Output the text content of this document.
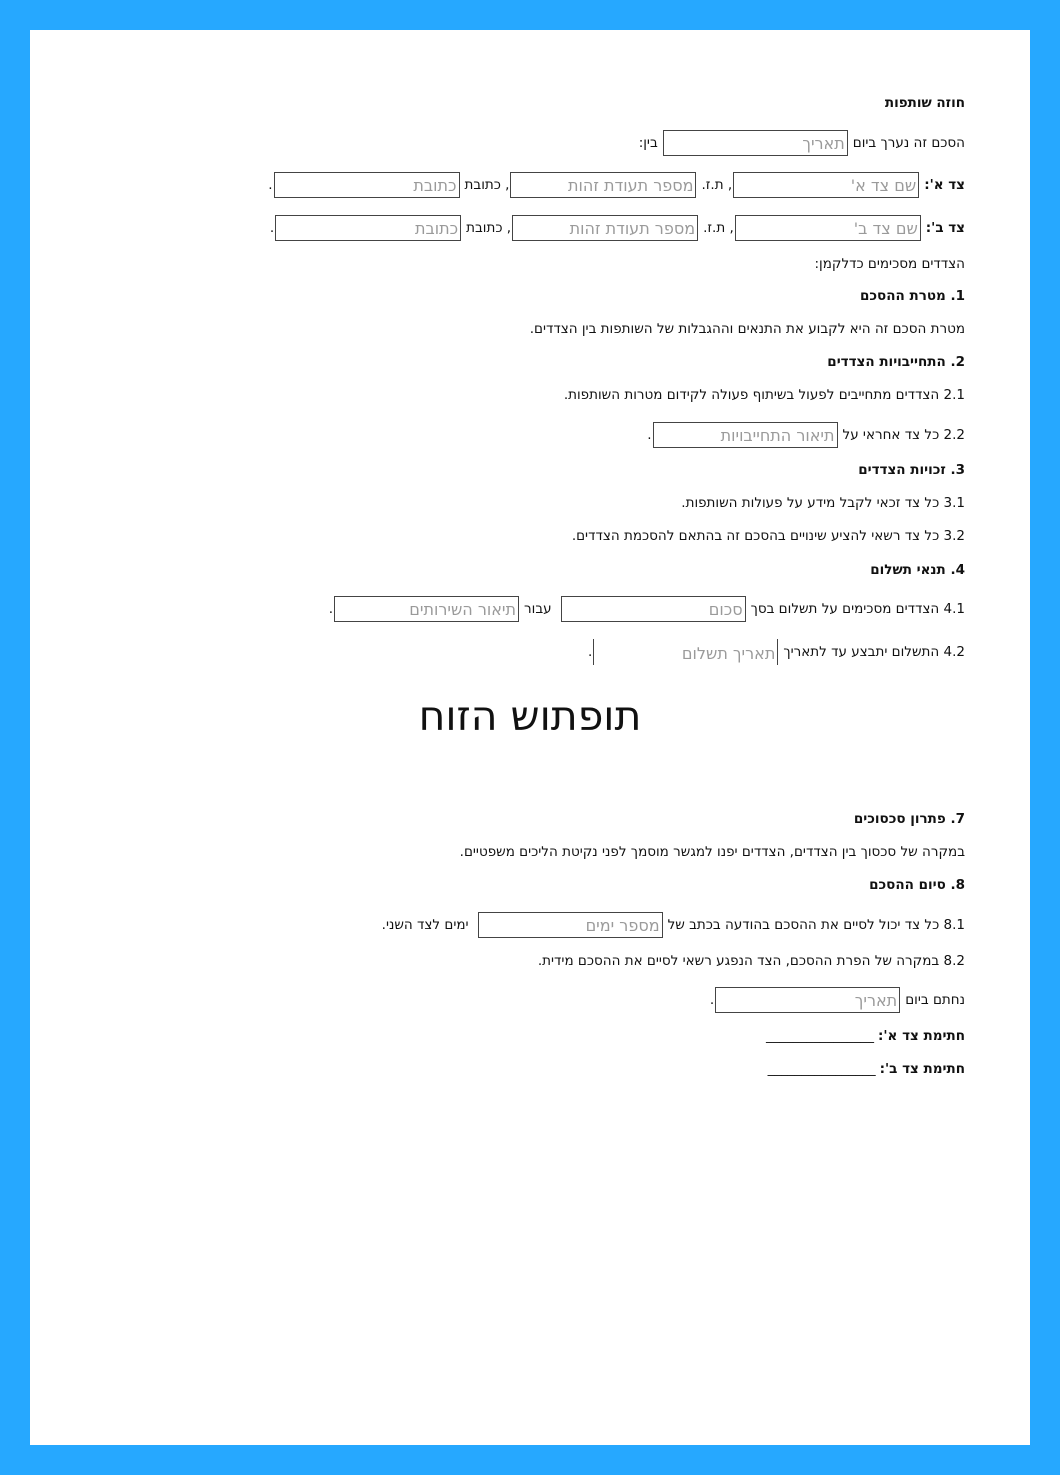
חוזה שותפות
הסכם זה נערך ביום
תאריך
בין:
צד א':
שם צד א'
, ת.ז.
מספר תעודת זהות
, כתובת
כתובת
.
צד ב':
שם צד ב'
, ת.ז.
מספר תעודת זהות
, כתובת
כתובת
.
הצדדים מסכימים כדלקמן:
1. מטרת ההסכם
מטרת הסכם זה היא לקבוע את התנאים וההגבלות של השותפות בין הצדדים.
2. התחייבויות הצדדים
2.1 הצדדים מתחייבים לפעול בשיתוף פעולה לקידום מטרות השותפות.
2.2 כל צד אחראי על
תיאור התחייבויות
.
3. זכויות הצדדים
3.1 כל צד זכאי לקבל מידע על פעולות השותפות.
3.2 כל צד רשאי להציע שינויים בהסכם זה בהתאם להסכמת הצדדים.
4. תנאי תשלום
4.1 הצדדים מסכימים על תשלום בסך
סכום
עבור
תיאור השירותים
.
4.2 התשלום יתבצע עד לתאריך
תאריך תשלום
.
תופתוש הזוח
7. פתרון סכסוכים
במקרה של סכסוך בין הצדדים, הצדדים יפנו למגשר מוסמך לפני נקיטת הליכים משפטיים.
8. סיום ההסכם
8.1 כל צד יכול לסיים את ההסכם בהודעה בכתב של
מספר ימים
ימים לצד השני.
8.2 במקרה של הפרת ההסכם, הצד הנפגע רשאי לסיים את ההסכם מידית.
נחתם ביום
תאריך
.
חתימת צד א':
________________
חתימת צד ב':
________________
